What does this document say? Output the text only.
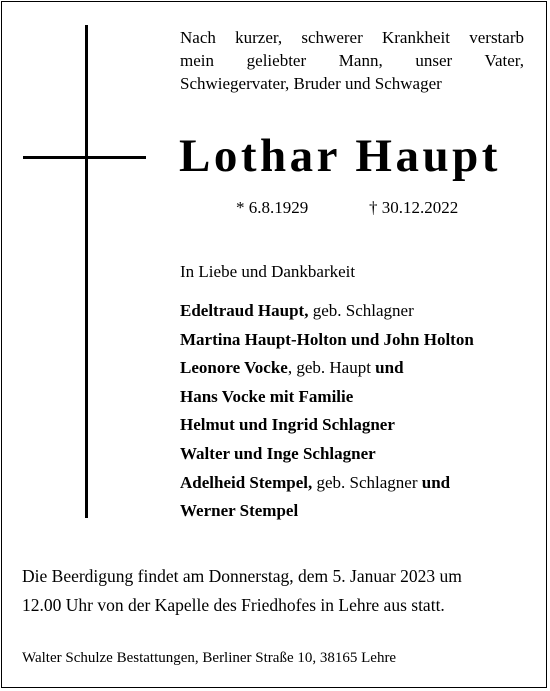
Nach kurzer, schwerer Krankheit verstarb
mein geliebter Mann, unser Vater,
Schwiegervater, Bruder und Schwager
Lothar Haupt
* 6.8.1929	† 30.12.2022
In Liebe und Dankbarkeit
Edeltraud Haupt, geb. Schlagner
Martina Haupt-Holton und John Holton
Leonore Vocke, geb. Haupt und
Hans Vocke mit Familie
Helmut und Ingrid Schlagner
Walter und Inge Schlagner
Adelheid Stempel, geb. Schlagner und
Werner Stempel
Die Beerdigung findet am Donnerstag, dem 5. Januar 2023 um
12.00 Uhr von der Kapelle des Friedhofes in Lehre aus statt.
Walter Schulze Bestattungen, Berliner Straße 10, 38165 Lehre
